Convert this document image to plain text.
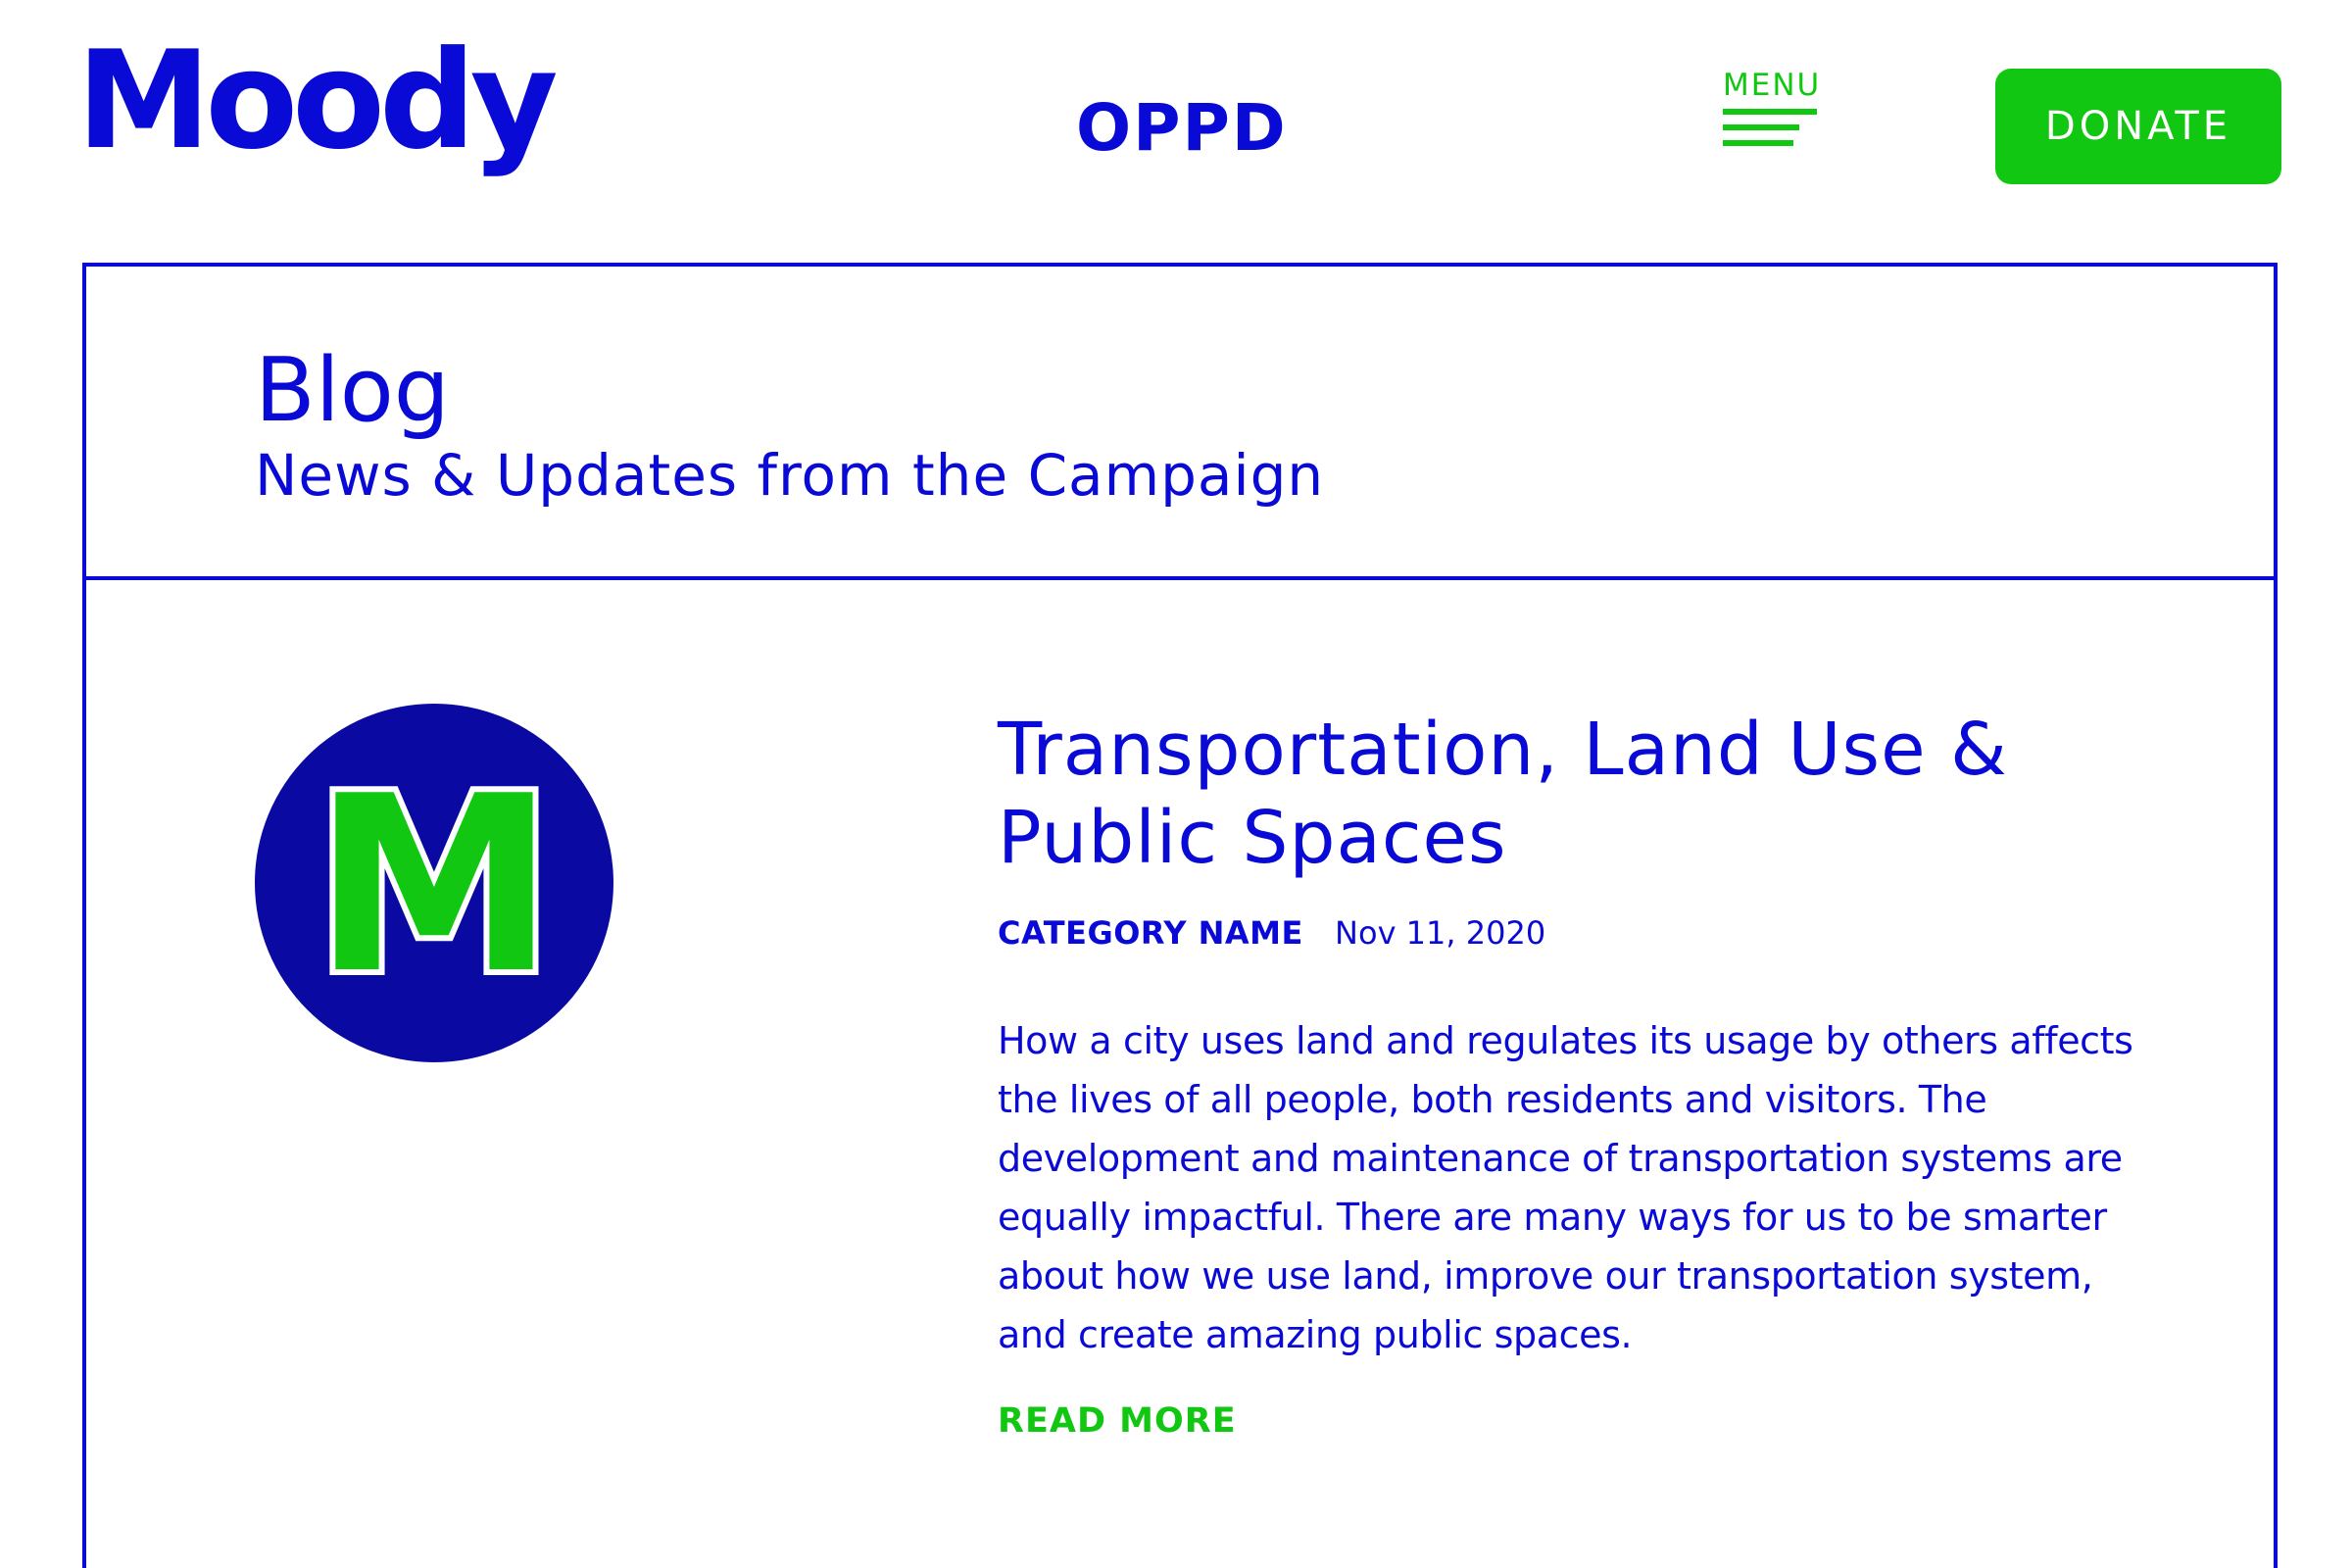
Moody	OPPD
MENU
DONATE
Blog
News & Updates from the Campaign
M	Transportation, Land Use & Public Spaces
CATEGORY NAME Nov 11, 2020

How a city uses land and regulates its usage by others affects the lives of all people, both residents and visitors. The development and maintenance of transportation systems are equally impactful. There are many ways for us to be smarter about how we use land, improve our transportation system, and create amazing public spaces.

READ MORE
